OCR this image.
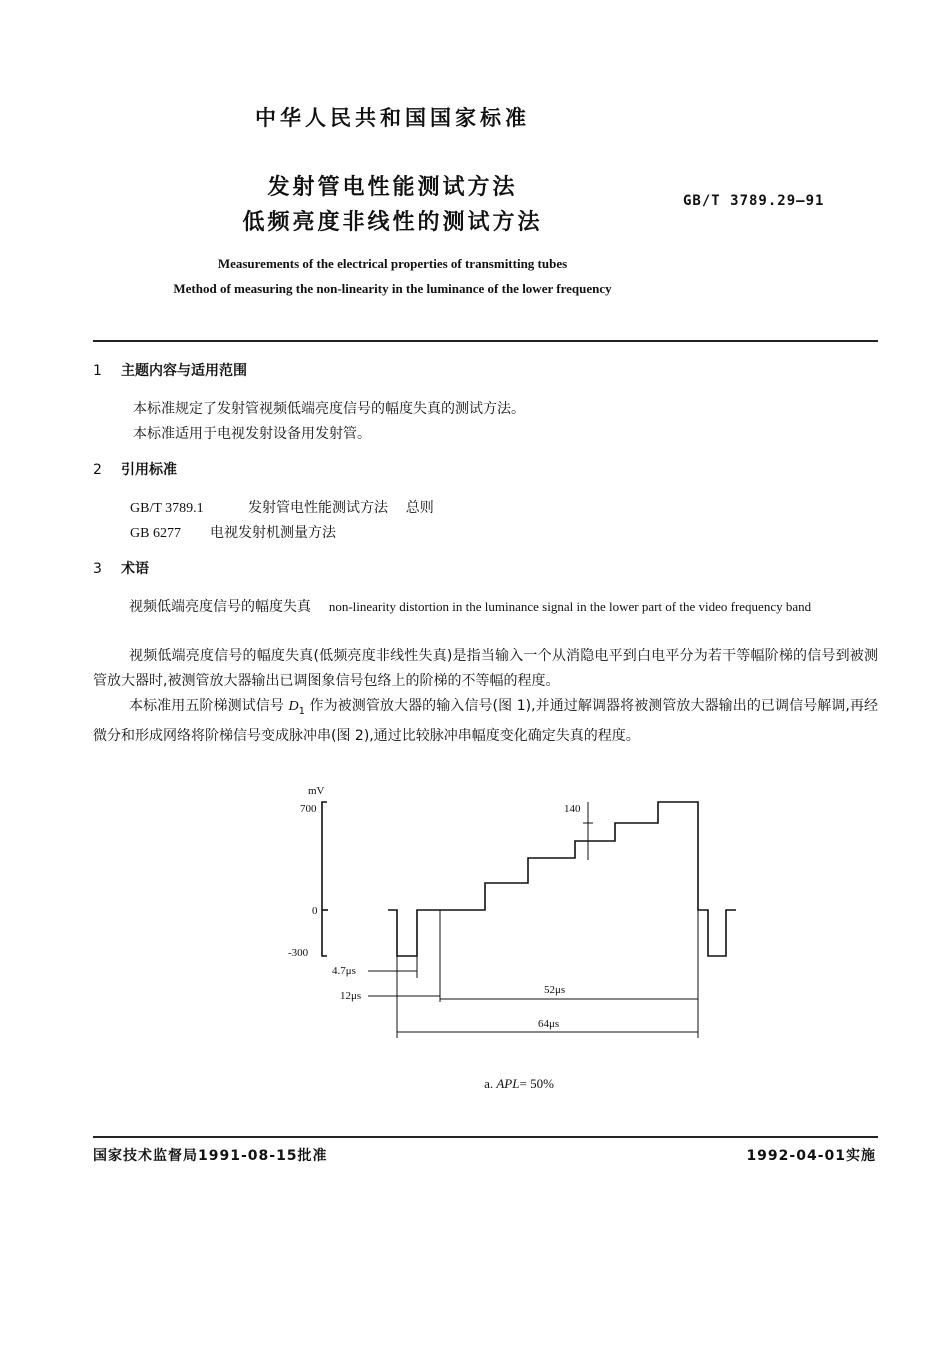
中华人民共和国国家标准
发射管电性能测试方法
低频亮度非线性的测试方法
GB/T 3789.29—91
Measurements of the electrical properties of transmitting tubes
Method of measuring the non-linearity in the luminance of the lower frequency
1 主题内容与适用范围
本标准规定了发射管视频低端亮度信号的幅度失真的测试方法。
本标准适用于电视发射设备用发射管。
2 引用标准
GB/T 3789.1	发射管电性能测试方法    总则
GB 6277 电视发射机测量方法
3 术语
视频低端亮度信号的幅度失真 non-linearity distortion in the luminance signal in the lower part of the video frequency band
视频低端亮度信号的幅度失真(低频亮度非线性失真)是指当输入一个从消隐电平到白电平分为若干等幅阶梯的信号到被测管放大器时,被测管放大器输出已调图象信号包络上的阶梯的不等幅的程度。
本标准用五阶梯测试信号 $D_1$ 作为被测管放大器的输入信号(图 1),并通过解调器将被测管放大器输出的已调信号解调,再经微分和形成网络将阶梯信号变成脉冲串(图 2),通过比较脉冲串幅度变化确定失真的程度。
mV
700
0
-300
140
4.7μs
12μs	52μs
64μs
a. APL= 50%
国家技术监督局1991-08-15批准	1992-04-01实施
